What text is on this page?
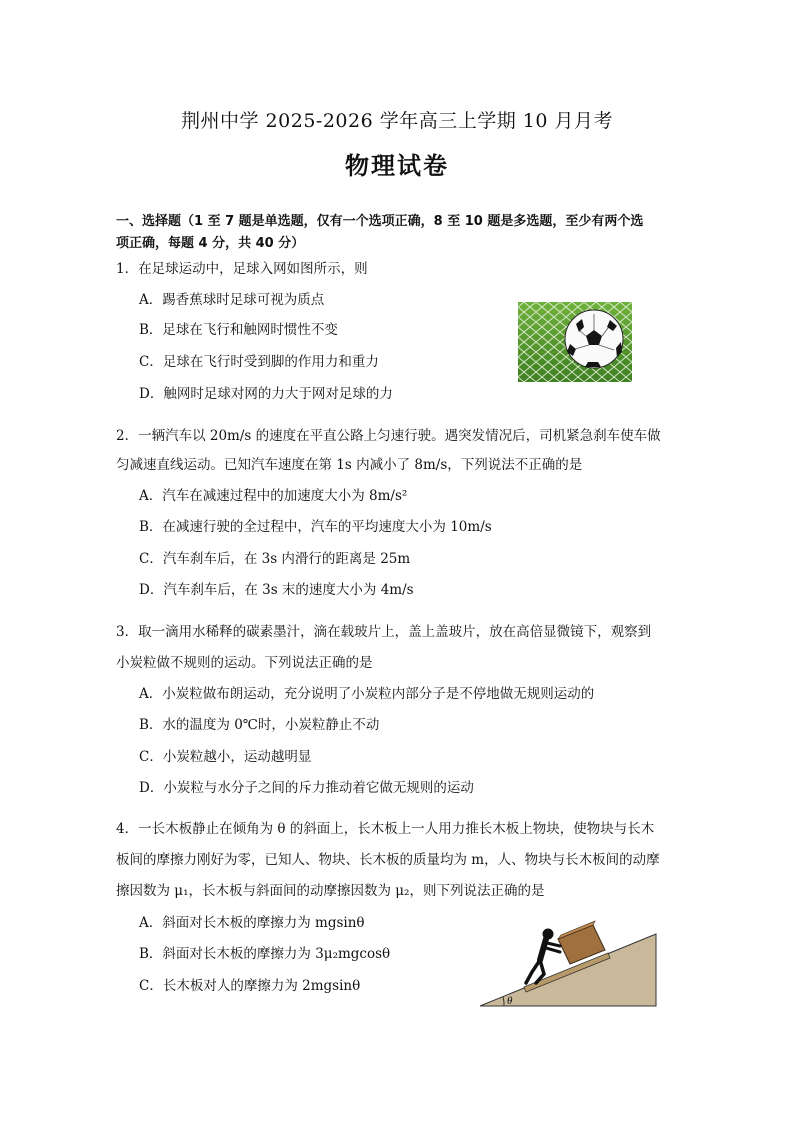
荆州中学 2025-2026 学年高三上学期 10 月月考
物理试卷
一、选择题（1 至 7 题是单选题，仅有一个选项正确，8 至 10 题是多选题，至少有两个选
项正确，每题 4 分，共 40 分）
1．在足球运动中，足球入网如图所示，则
A．踢香蕉球时足球可视为质点
B．足球在飞行和触网时惯性不变
C．足球在飞行时受到脚的作用力和重力
D．触网时足球对网的力大于网对足球的力
2．一辆汽车以 20m/s 的速度在平直公路上匀速行驶。遇突发情况后，司机紧急刹车使车做
匀减速直线运动。已知汽车速度在第 1s 内减小了 8m/s，下列说法不正确的是
A．汽车在减速过程中的加速度大小为 8m/s²
B．在减速行驶的全过程中，汽车的平均速度大小为 10m/s
C．汽车刹车后，在 3s 内滑行的距离是 25m
D．汽车刹车后，在 3s 末的速度大小为 4m/s
3．取一滴用水稀释的碳素墨汁，滴在载玻片上，盖上盖玻片，放在高倍显微镜下，观察到
小炭粒做不规则的运动。下列说法正确的是
A．小炭粒做布朗运动，充分说明了小炭粒内部分子是不停地做无规则运动的
B．水的温度为 0℃时，小炭粒静止不动
C．小炭粒越小，运动越明显
D．小炭粒与水分子之间的斥力推动着它做无规则的运动
4．一长木板静止在倾角为 θ 的斜面上，长木板上一人用力推长木板上物块，使物块与长木
板间的摩擦力刚好为零，已知人、物块、长木板的质量均为 m，人、物块与长木板间的动摩
擦因数为 μ₁，长木板与斜面间的动摩擦因数为 μ₂，则下列说法正确的是
A．斜面对长木板的摩擦力为 mgsinθ
B．斜面对长木板的摩擦力为 3μ₂mgcosθ
C．长木板对人的摩擦力为 2mgsinθ
θ
